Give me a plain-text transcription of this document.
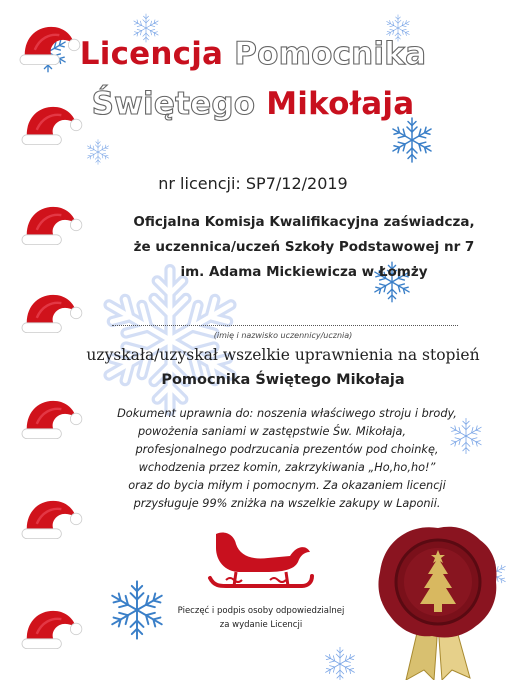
Licencja Pomocnika
Świętego Mikołaja
nr licencji: SP7/12/2019
Oficjalna Komisja Kwalifikacyjna zaświadcza,
że uczennica/uczeń Szkoły Podstawowej nr 7
im. Adama Mickiewicza w Łomży
(imię i nazwisko uczennicy/ucznia)
uzyskała/uzyskał wszelkie uprawnienia na stopień
Pomocnika Świętego Mikołaja
Dokument uprawnia do: noszenia właściwego stroju i brody,
powożenia saniami w zastępstwie Św. Mikołaja,
profesjonalnego podrzucania prezentów pod choinkę,
wchodzenia przez komin, zakrzykiwania „Ho,ho,ho!”
oraz do bycia miłym i pomocnym. Za okazaniem licencji
przysługuje 99% zniżka na wszelkie zakupy w Laponii.
Pieczęć i podpis osoby odpowiedzialnej
za wydanie Licencji
